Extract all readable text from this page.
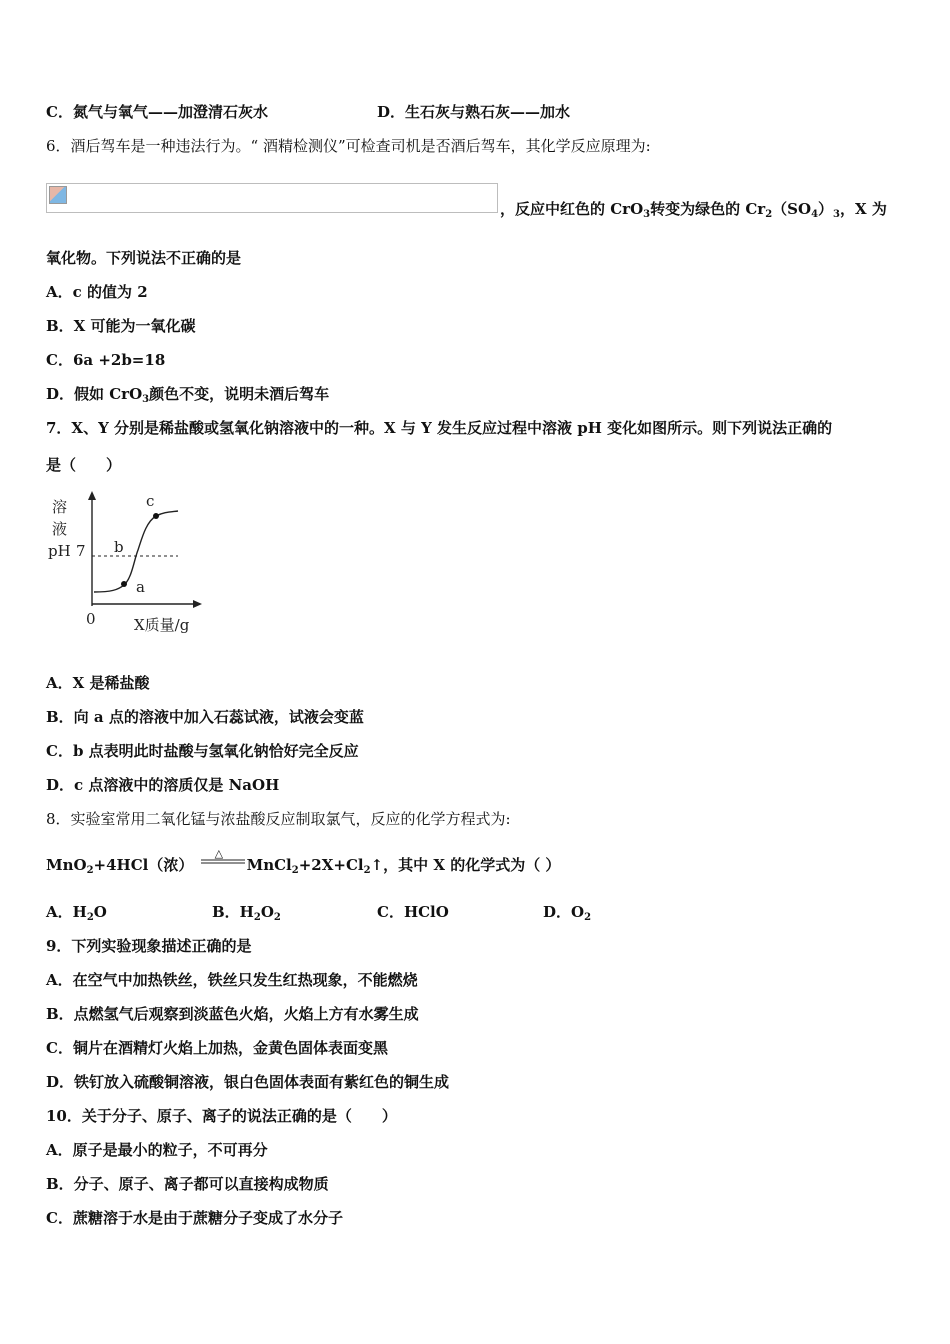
C．氮气与氧气——加澄清石灰水	D．生石灰与熟石灰——加水
6．酒后驾车是一种违法行为。“ 酒精检测仪”可检查司机是否酒后驾车，其化学反应原理为:
，反应中红色的 CrO$_3$转变为绿色的 $Cr_2(SO_4)_3$，X 为
氧化物。下列说法不正确的是
A．c 的值为 2
B．X 可能为一氧化碳
C．6a +2b=18
D．假如 CrO$_3$颜色不变，说明未酒后驾车
7．X、Y 分别是稀盐酸或氢氧化钠溶液中的一种。X 与 Y 发生反应过程中溶液 pH 变化如图所示。则下列说法正确的
是（　　）
溶
液
pH 7
0	X质量/g
a
b
c
A．X 是稀盐酸
B．向 a 点的溶液中加入石蕊试液，试液会变蓝
C．b 点表明此时盐酸与氢氧化钠恰好完全反应
D．c 点溶液中的溶质仅是 NaOH
8．实验室常用二氧化锰与浓盐酸反应制取氯气，反应的化学方程式为:
MnO$_2$+4HCl（浓）
△
$MnCl_2+2X+Cl_2↑$，其中 X 的化学式为（ ）
A．$H_2O$	B．$H_2O_2$	C．HClO	D．$O_2$
9．下列实验现象描述正确的是
A．在空气中加热铁丝，铁丝只发生红热现象，不能燃烧
B．点燃氢气后观察到淡蓝色火焰，火焰上方有水雾生成
C．铜片在酒精灯火焰上加热，金黄色固体表面变黑
D．铁钉放入硫酸铜溶液，银白色固体表面有紫红色的铜生成
10．关于分子、原子、离子的说法正确的是（　　）
A．原子是最小的粒子，不可再分
B．分子、原子、离子都可以直接构成物质
C．蔗糖溶于水是由于蔗糖分子变成了水分子
